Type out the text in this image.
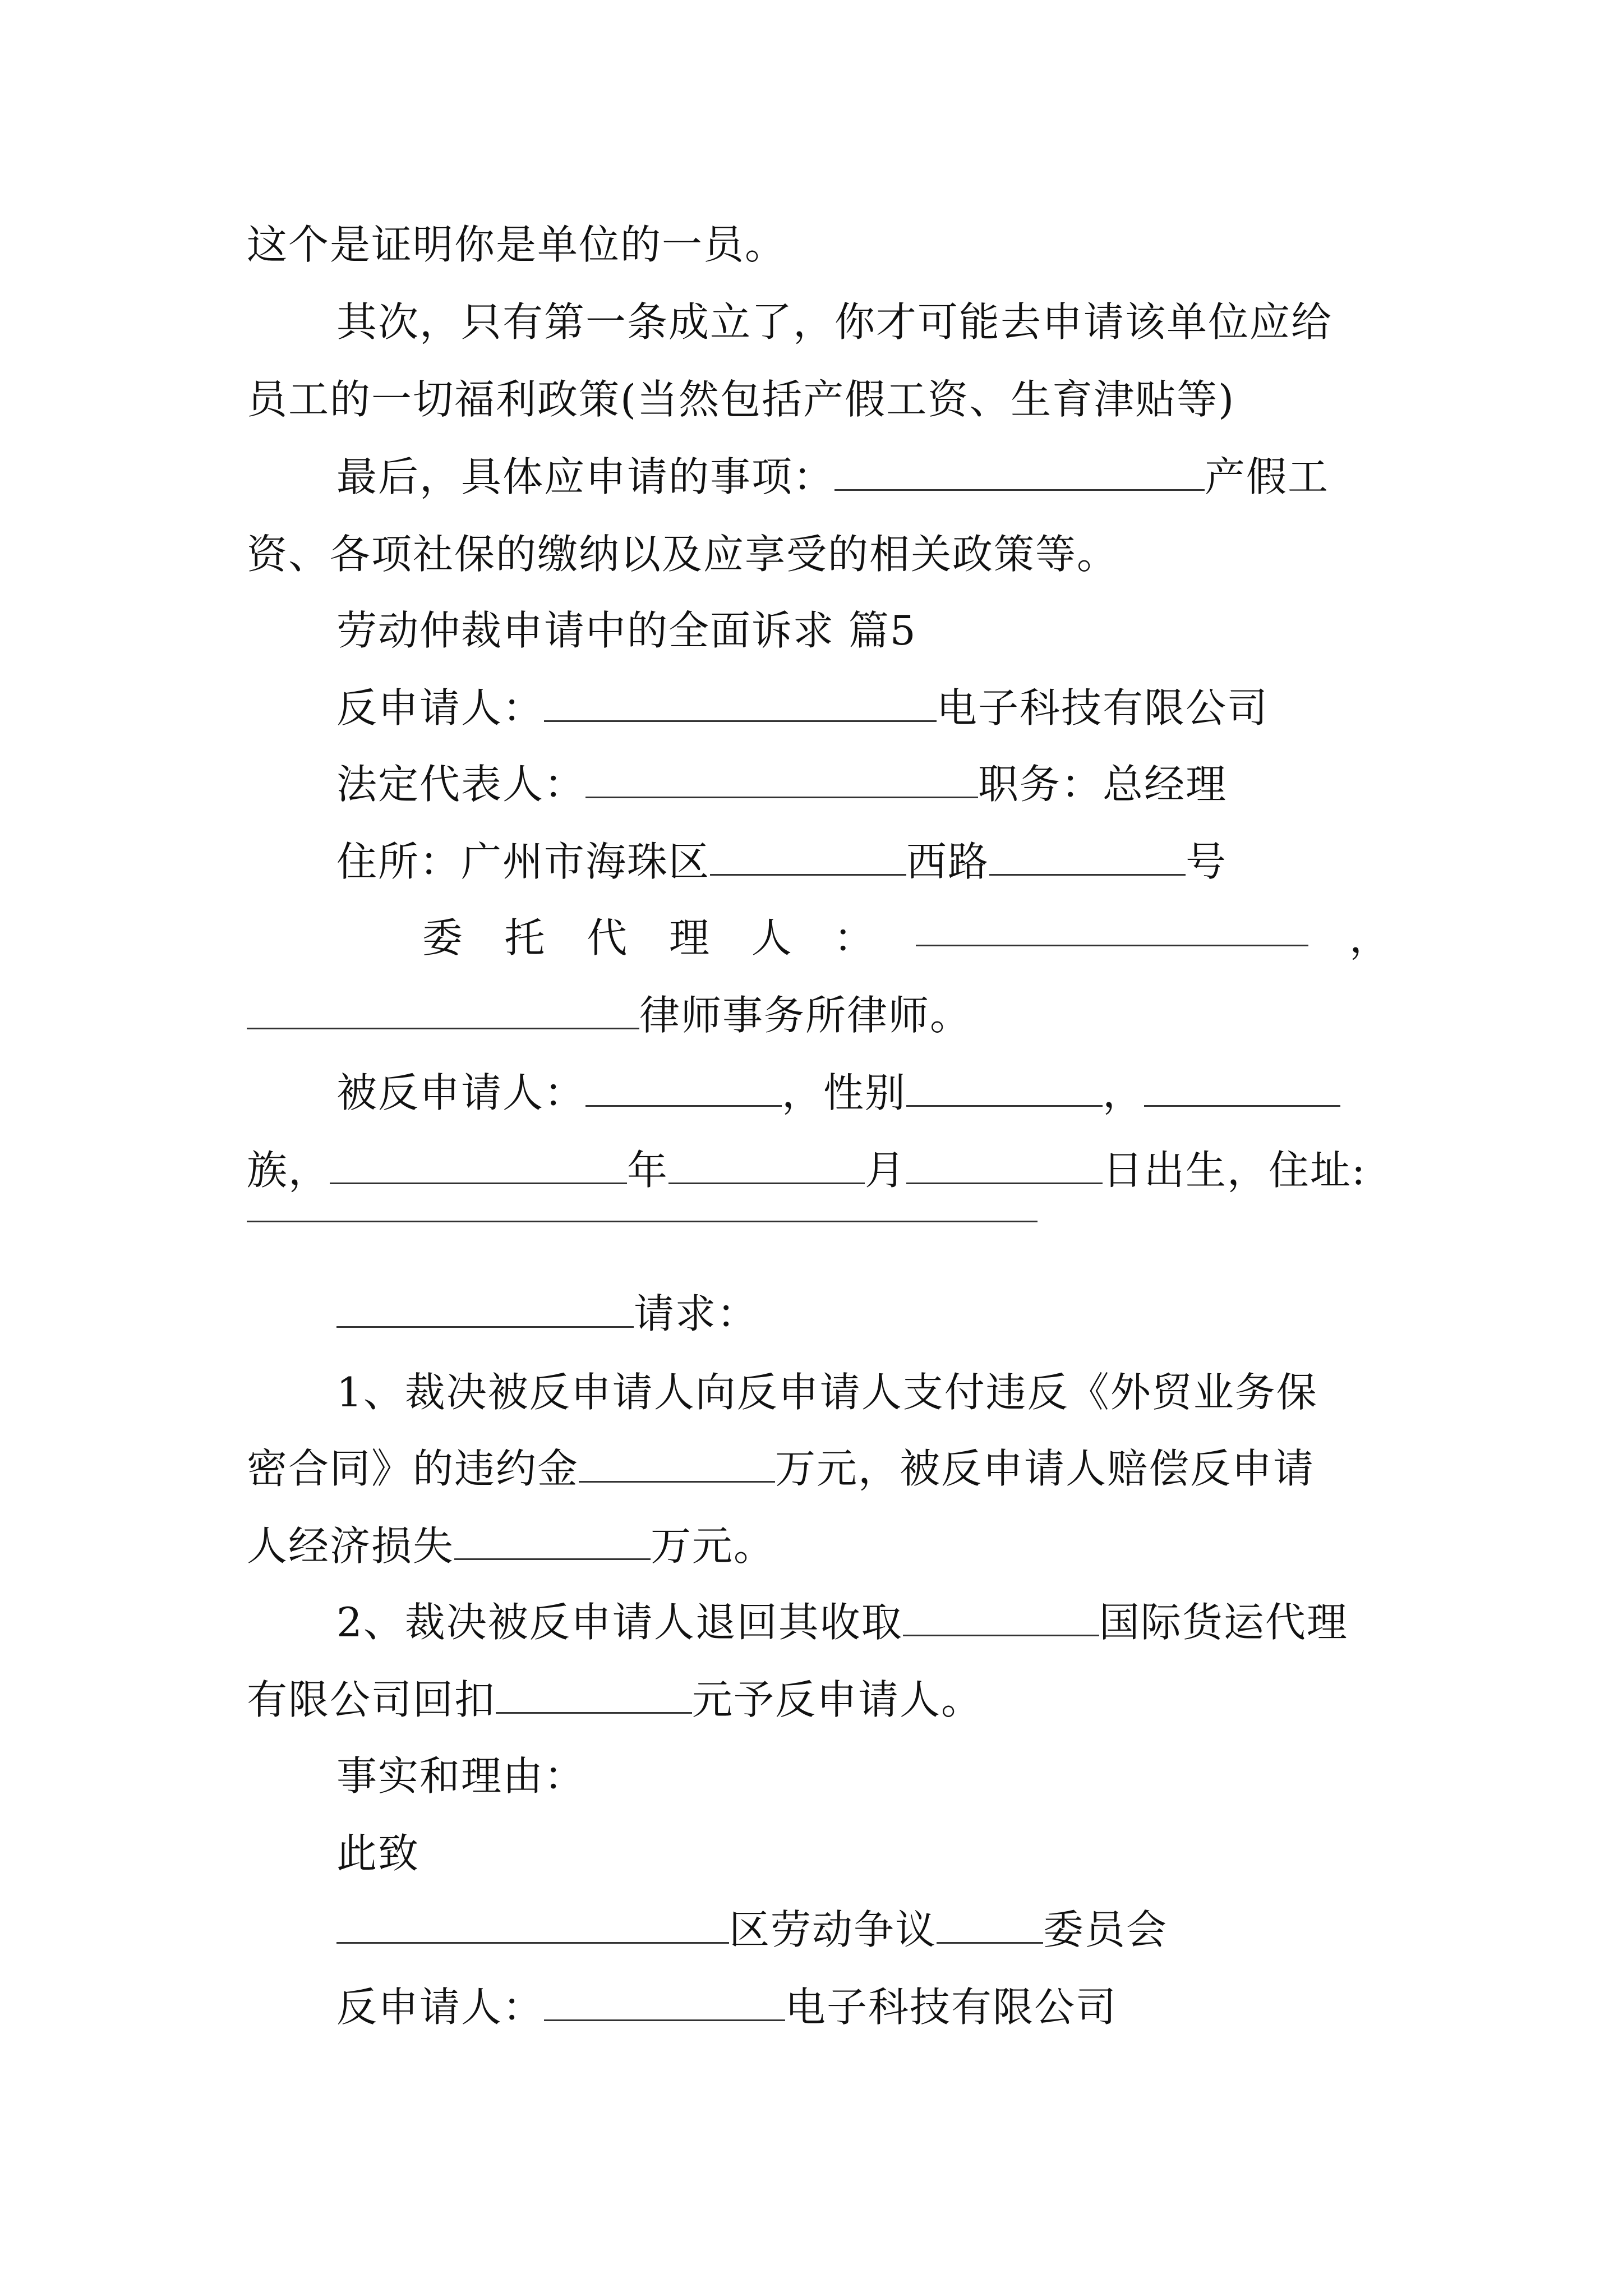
这个是证明你是单位的一员。
其次，只有第一条成立了，你才可能去申请该单位应给
员工的一切福利政策(当然包括产假工资、生育津贴等)
最后，具体应申请的事项：	产假工
资、各项社保的缴纳以及应享受的相关政策等。
劳动仲裁申请中的全面诉求 篇5
反申请人：	电子科技有限公司
法定代表人：	职务：总经理
住所：广州市海珠区	西路	号
委 托 代 理 人 ：	，
律师事务所律师。
被反申请人：	，性别	，
族，	年	月	日出生，住址:
请求：
1、裁决被反申请人向反申请人支付违反《外贸业务保
密合同》的违约金	万元，被反申请人赔偿反申请
人经济损失	万元。
2、裁决被反申请人退回其收取	国际货运代理
有限公司回扣	元予反申请人。
事实和理由：
此致
区劳动争议	委员会
反申请人：	电子科技有限公司
